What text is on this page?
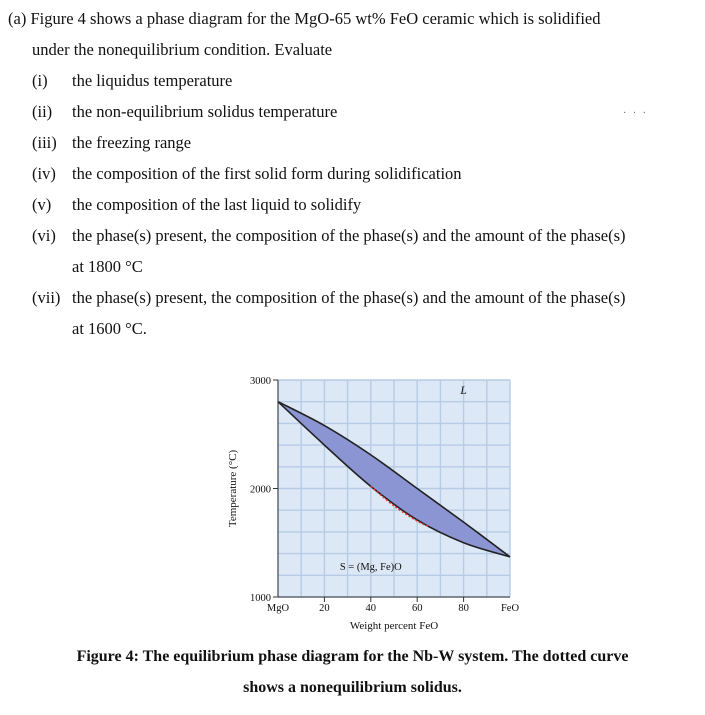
(a) Figure 4 shows a phase diagram for the MgO-65 wt% FeO ceramic which is solidified
under the nonequilibrium condition. Evaluate
(i) the liquidus temperature
(ii) the non-equilibrium solidus temperature	· · ·
(iii) the freezing range
(iv) the composition of the first solid form during solidification
(v) the composition of the last liquid to solidify
(vi) the phase(s) present, the composition of the phase(s) and the amount of the phase(s)
at 1800 °C
(vii) the phase(s) present, the composition of the phase(s) and the amount of the phase(s)
at 1600 °C.
1000
2000
3000
MgO	20	40	60	80	FeO
Weight percent FeO
Temperature (°C)
L
S = (Mg, Fe)O
Figure 4: The equilibrium phase diagram for the Nb-W system. The dotted curve
shows a nonequilibrium solidus.
